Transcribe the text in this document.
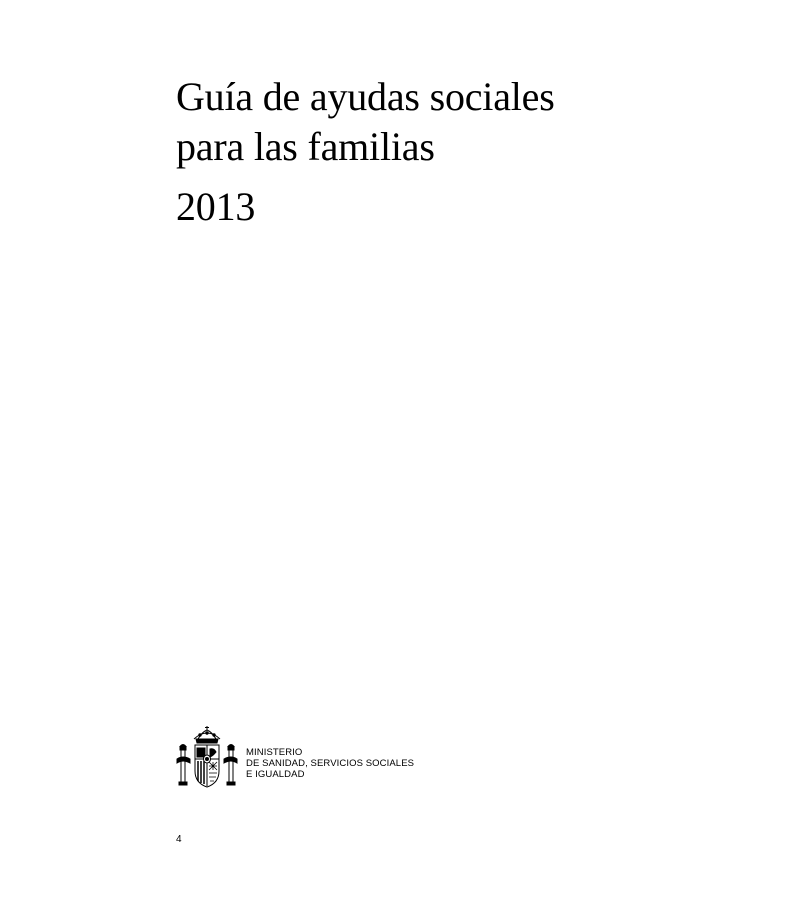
Guía de ayudas sociales
para las familias
2013
MINISTERIO
DE SANIDAD, SERVICIOS SOCIALES
E IGUALDAD
4
